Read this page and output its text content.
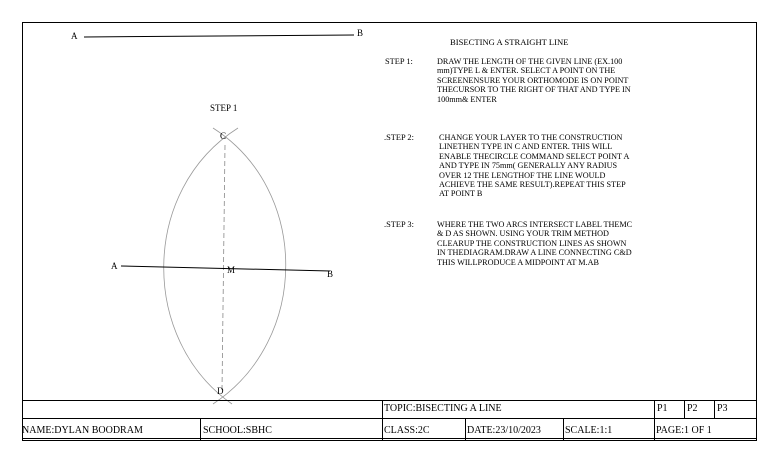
A	B
STEP 1
C
D
A
B
M
BISECTING A STRAIGHT LINE
STEP 1:	DRAW THE LENGTH OF THE GIVEN LINE (EX.100
mm)TYPE L & ENTER. SELECT A POINT ON THE
SCREENENSURE YOUR ORTHOMODE IS ON POINT
THECURSOR TO THE RIGHT OF THAT AND TYPE IN
100mm& ENTER
.STEP 2:	CHANGE YOUR LAYER TO THE CONSTRUCTION
LINETHEN TYPE IN C AND ENTER. THIS WILL
ENABLE THECIRCLE COMMAND SELECT POINT A
AND TYPE IN 75mm( GENERALLY ANY RADIUS
OVER 12 THE LENGTHOF THE LINE WOULD
ACHIEVE THE SAME RESULT).REPEAT THIS STEP
AT POINT B
.STEP 3:	WHERE THE TWO ARCS INTERSECT LABEL THEMC
& D AS SHOWN. USING YOUR TRIM METHOD
CLEARUP THE CONSTRUCTION LINES AS SHOWN
IN THEDIAGRAM.DRAW A LINE CONNECTING C&D
THIS WILLPRODUCE A MIDPOINT AT M.AB
TOPIC:BISECTING A LINE	P1 P2 P3
NAME:DYLAN BOODRAM	SCHOOL:SBHC	CLASS:2C	DATE:23/10/2023 SCALE:1:1	PAGE:1 OF 1
